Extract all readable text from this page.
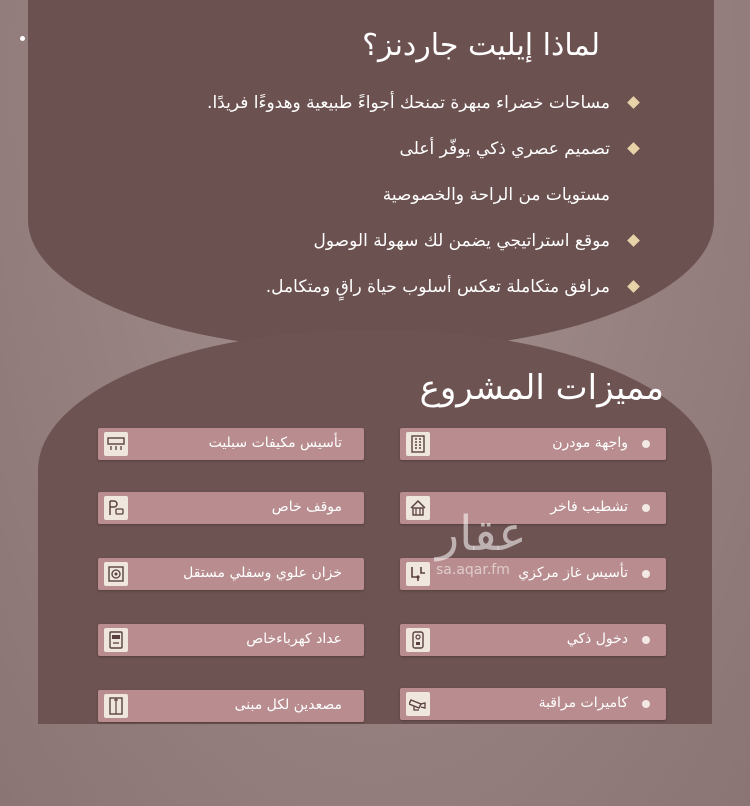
لماذا إيليت جاردنز؟
مساحات خضراء مبهرة تمنحك أجواءً طبيعية وهدوءًا فريدًا.
تصميم عصري ذكي يوفّر أعلى
مستويات من الراحة والخصوصية
موقع استراتيجي يضمن لك سهولة الوصول
مرافق متكاملة تعكس أسلوب حياة راقٍ ومتكامل.
مميزات المشروع
واجهة مودرن
تشطيب فاخر
تأسيس غاز مركزي
دخول ذكي
كاميرات مراقبة
تأسيس مكيفات سبليت
موقف خاص
خزان علوي وسفلي مستقل
عداد كهرباءخاص
مصعدين لكل مبنى
عقار
sa.aqar.fm
